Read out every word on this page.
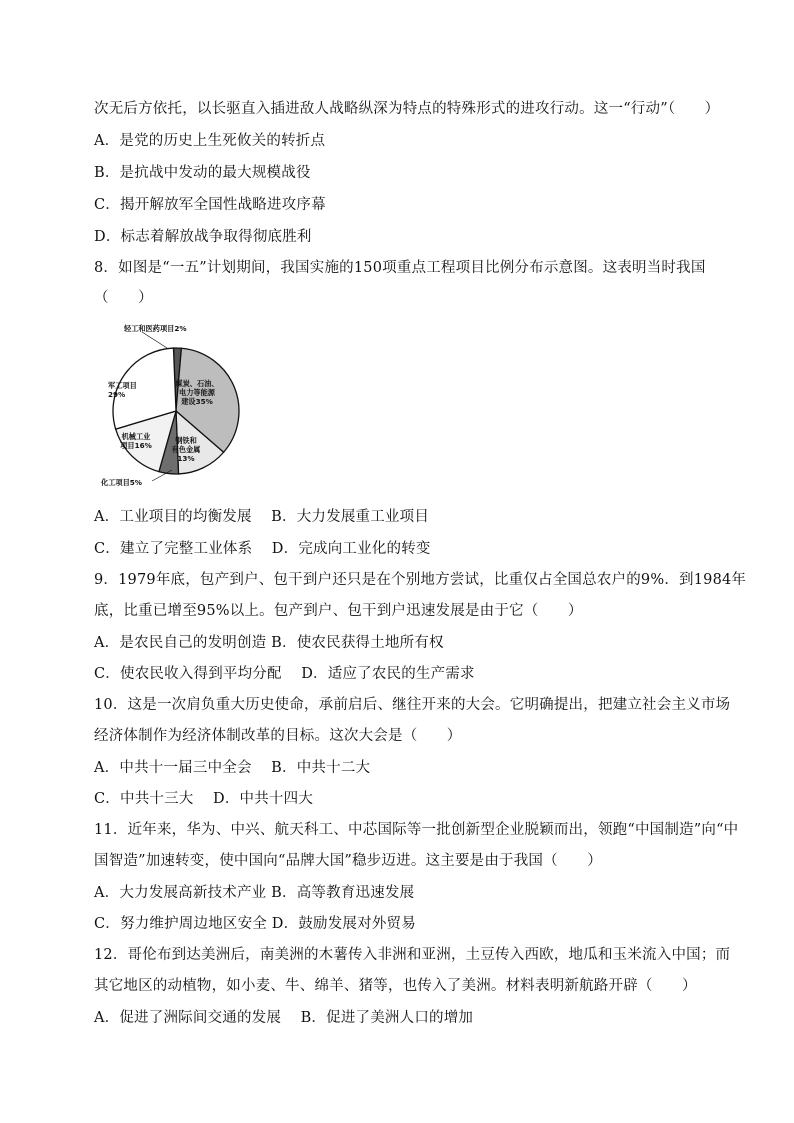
次无后方依托，以长驱直入插进敌人战略纵深为特点的特殊形式的进攻行动。这一“行动”（　　）
A．是党的历史上生死攸关的转折点
B．是抗战中发动的最大规模战役
C．揭开解放军全国性战略进攻序幕
D．标志着解放战争取得彻底胜利
8．如图是“一五”计划期间，我国实施的150项重点工程项目比例分布示意图。这表明当时我国
（　　）
轻工和医药项目2%
煤炭、石油、电力等能源建设35%
钢铁和有色金属 13%
化工项目5%
机械工业项目16%
军工项目 29%
A．工业项目的均衡发展　 B．大力发展重工业项目
C．建立了完整工业体系　 D．完成向工业化的转变
9．1979年底，包产到户、包干到户还只是在个别地方尝试，比重仅占全国总农户的9%．到1984年
底，比重已增至95%以上。包产到户、包干到户迅速发展是由于它（　　）
A．是农民自己的发明创造 B．使农民获得土地所有权
C．使农民收入得到平均分配　 D．适应了农民的生产需求
10．这是一次肩负重大历史使命，承前启后、继往开来的大会。它明确提出，把建立社会主义市场
经济体制作为经济体制改革的目标。这次大会是（　　）
A．中共十一届三中全会　 B．中共十二大
C．中共十三大　 D．中共十四大
11．近年来，华为、中兴、航天科工、中芯国际等一批创新型企业脱颖而出，领跑“中国制造”向“中
国智造”加速转变，使中国向“品牌大国”稳步迈进。这主要是由于我国（　　）
A．大力发展高新技术产业 B．高等教育迅速发展
C．努力维护周边地区安全 D．鼓励发展对外贸易
12．哥伦布到达美洲后，南美洲的木薯传入非洲和亚洲，土豆传入西欧，地瓜和玉米流入中国；而
其它地区的动植物，如小麦、牛、绵羊、猪等，也传入了美洲。材料表明新航路开辟（　　）
A．促进了洲际间交通的发展　 B．促进了美洲人口的增加
